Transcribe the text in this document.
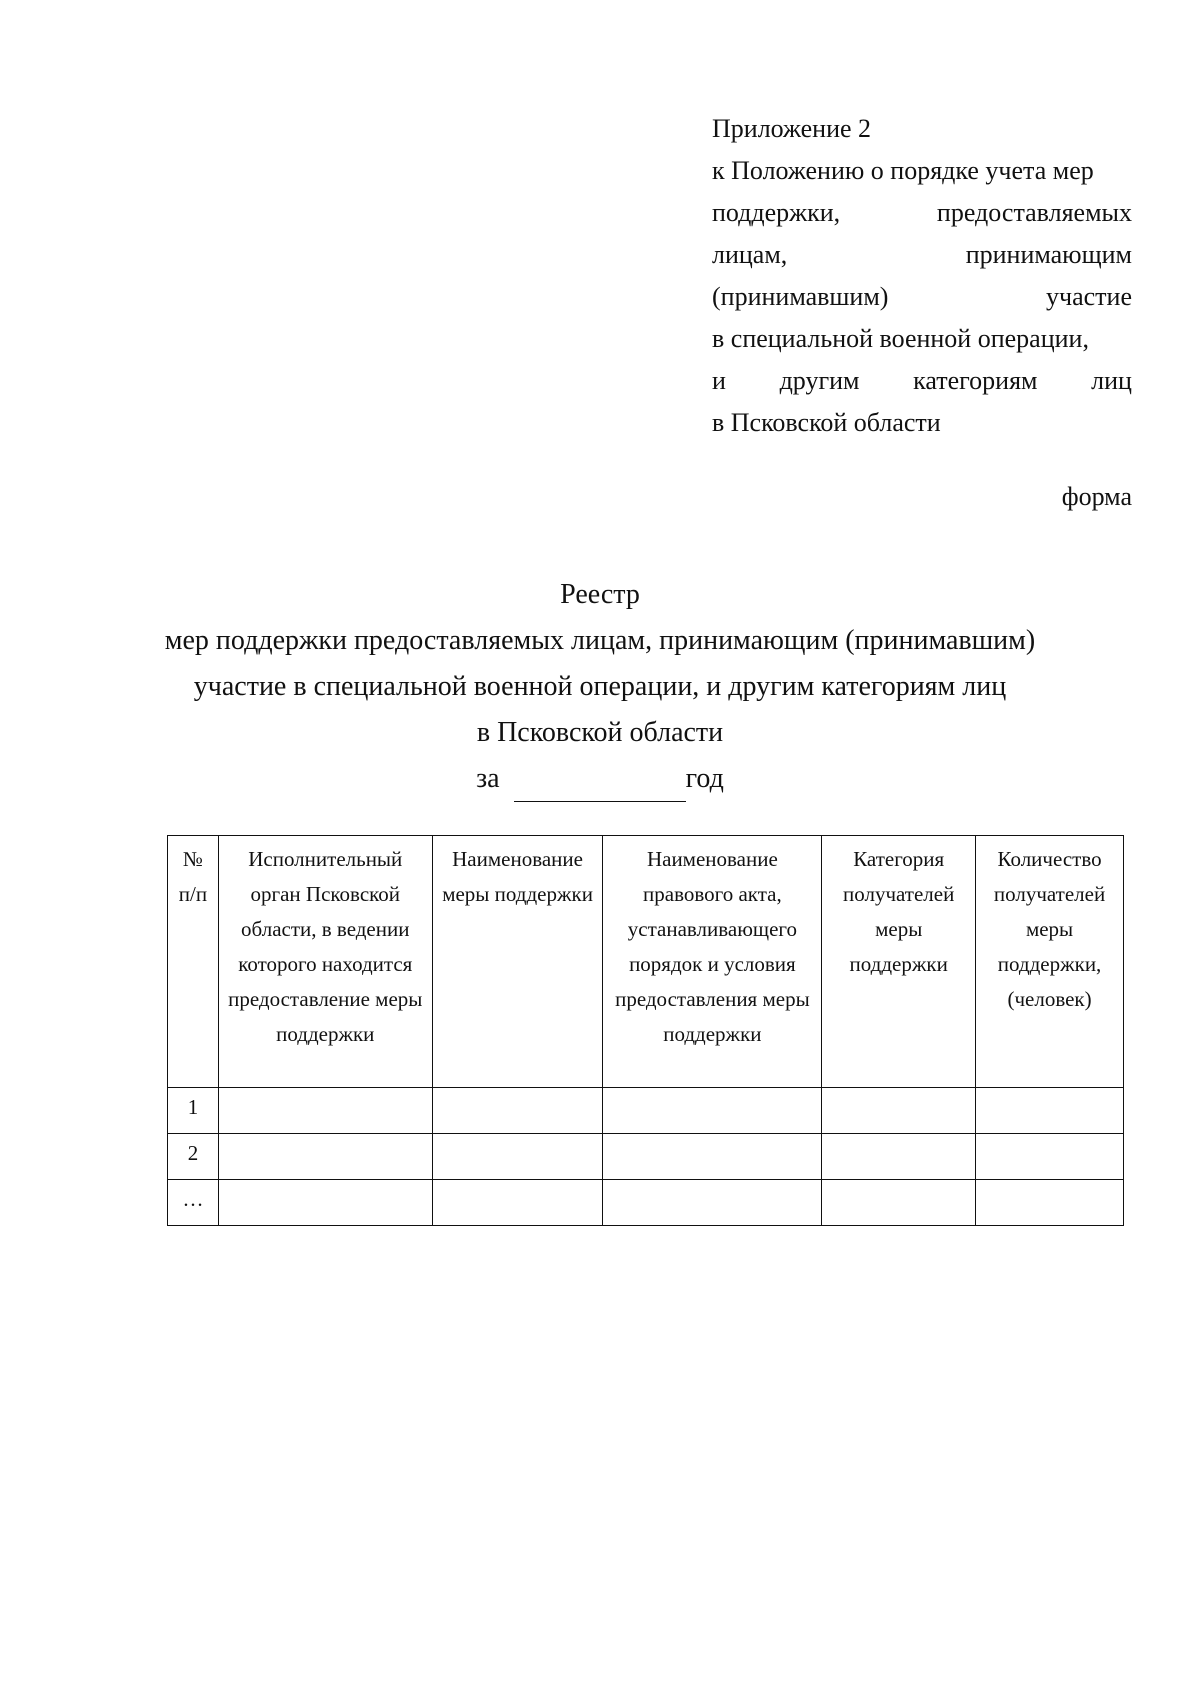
Приложение 2
к Положению о порядке учета мер
поддержки,	предоставляемых
лицам,	принимающим
(принимавшим)	участие
в специальной военной операции,
и другим категориям лиц
в Псковской области
форма
Реестр
мер поддержки предоставляемых лицам, принимающим (принимавшим)
участие в специальной военной операции, и другим категориям лиц
в Псковской области
за	год
№ п/п	Исполнительный орган Псковской области, в ведении которого находится предоставление меры поддержки	Наименование меры поддержки	Наименование правового акта, устанавливающего порядок и условия предоставления меры поддержки	Категория получателей меры поддержки	Количество получателей меры поддержки, (человек)
1					
2					
…					
